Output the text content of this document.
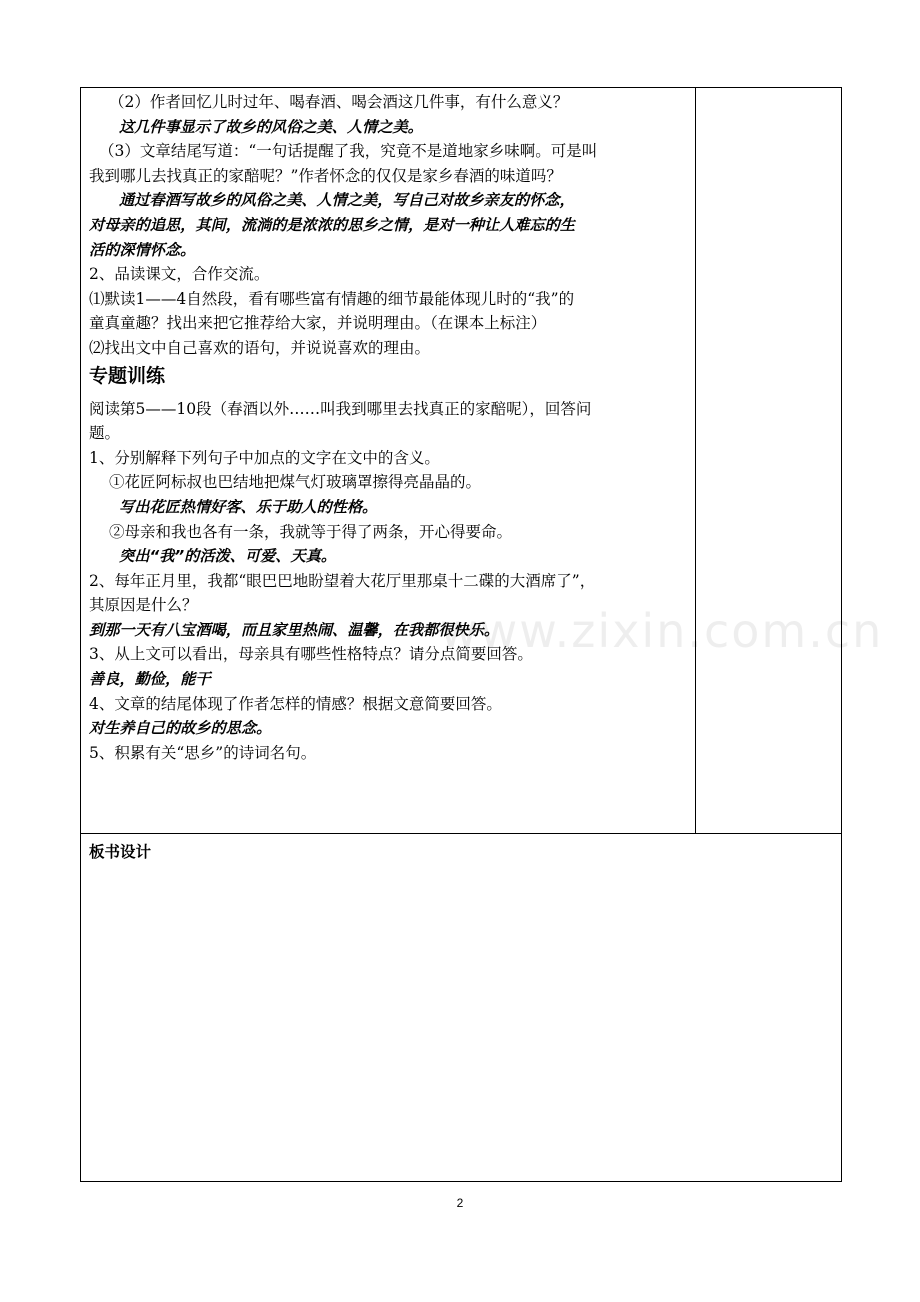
www.zixin.com.cn
（2）作者回忆儿时过年、喝春酒、喝会酒这几件事，有什么意义？
这几件事显示了故乡的风俗之美、人情之美。
（3）文章结尾写道：“一句话提醒了我，究竟不是道地家乡味啊。可是叫
我到哪儿去找真正的家醅呢？”作者怀念的仅仅是家乡春酒的味道吗？
通过春酒写故乡的风俗之美、人情之美，写自己对故乡亲友的怀念，
对母亲的追思，其间，流淌的是浓浓的思乡之情，是对一种让人难忘的生
活的深情怀念。
2、品读课文，合作交流。
⑴默读1——4自然段，看有哪些富有情趣的细节最能体现儿时的“我”的
童真童趣？找出来把它推荐给大家，并说明理由。（在课本上标注）
⑵找出文中自己喜欢的语句，并说说喜欢的理由。
专题训练
阅读第5——10段（春酒以外……叫我到哪里去找真正的家醅呢），回答问
题。
1、分别解释下列句子中加点的文字在文中的含义。
①花匠阿标叔也巴结地把煤气灯玻璃罩擦得亮晶晶的。
写出花匠热情好客、乐于助人的性格。
②母亲和我也各有一条，我就等于得了两条，开心得要命。
突出“我”的活泼、可爱、天真。
2、每年正月里，我都“眼巴巴地盼望着大花厅里那桌十二碟的大酒席了”，
其原因是什么？
到那一天有八宝酒喝，而且家里热闹、温馨，在我都很快乐。
3、从上文可以看出，母亲具有哪些性格特点？请分点简要回答。
善良，勤俭，能干
4、文章的结尾体现了作者怎样的情感？根据文意简要回答。
对生养自己的故乡的思念。
5、积累有关“思乡”的诗词名句。

板书设计
2
